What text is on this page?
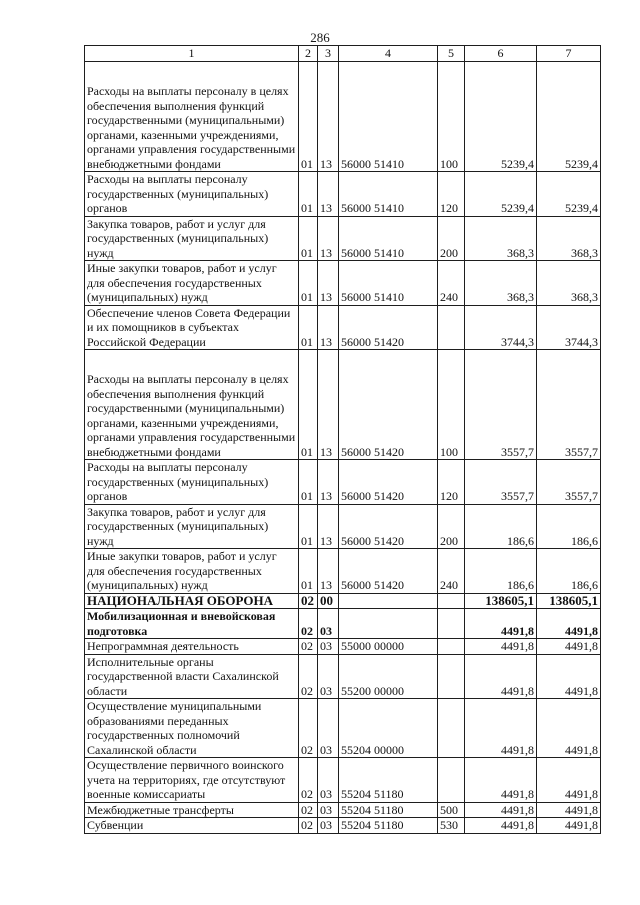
286
1	2	3	4	5	6	7
Расходы на выплаты персоналу в целях обеспечения выполнения функций государственными (муниципальными) органами, казенными учреждениями, органами управления государственными внебюджетными фондами	01	13	56000 51410	100	5239,4	5239,4
Расходы на выплаты персоналу государственных (муниципальных) органов	01	13	56000 51410	120	5239,4	5239,4
Закупка товаров, работ и услуг для государственных (муниципальных) нужд	01	13	56000 51410	200	368,3	368,3
Иные закупки товаров, работ и услуг для обеспечения государственных (муниципальных) нужд	01	13	56000 51410	240	368,3	368,3
Обеспечение членов Совета Федерации и их помощников в субъектах Российской Федерации	01	13	56000 51420		3744,3	3744,3
Расходы на выплаты персоналу в целях обеспечения выполнения функций государственными (муниципальными) органами, казенными учреждениями, органами управления государственными внебюджетными фондами	01	13	56000 51420	100	3557,7	3557,7
Расходы на выплаты персоналу государственных (муниципальных) органов	01	13	56000 51420	120	3557,7	3557,7
Закупка товаров, работ и услуг для государственных (муниципальных) нужд	01	13	56000 51420	200	186,6	186,6
Иные закупки товаров, работ и услуг для обеспечения государственных (муниципальных) нужд	01	13	56000 51420	240	186,6	186,6
НАЦИОНАЛЬНАЯ ОБОРОНА	02	00			138605,1	138605,1
Мобилизационная и вневойсковая подготовка	02	03			4491,8	4491,8
Непрограммная деятельность	02	03	55000 00000		4491,8	4491,8
Исполнительные органы государственной власти Сахалинской области	02	03	55200 00000		4491,8	4491,8
Осуществление муниципальными образованиями переданных государственных полномочий Сахалинской области	02	03	55204 00000		4491,8	4491,8
Осуществление первичного воинского учета на территориях, где отсутствуют военные комиссариаты	02	03	55204 51180		4491,8	4491,8
Межбюджетные трансферты	02	03	55204 51180	500	4491,8	4491,8
Субвенции	02	03	55204 51180	530	4491,8	4491,8
